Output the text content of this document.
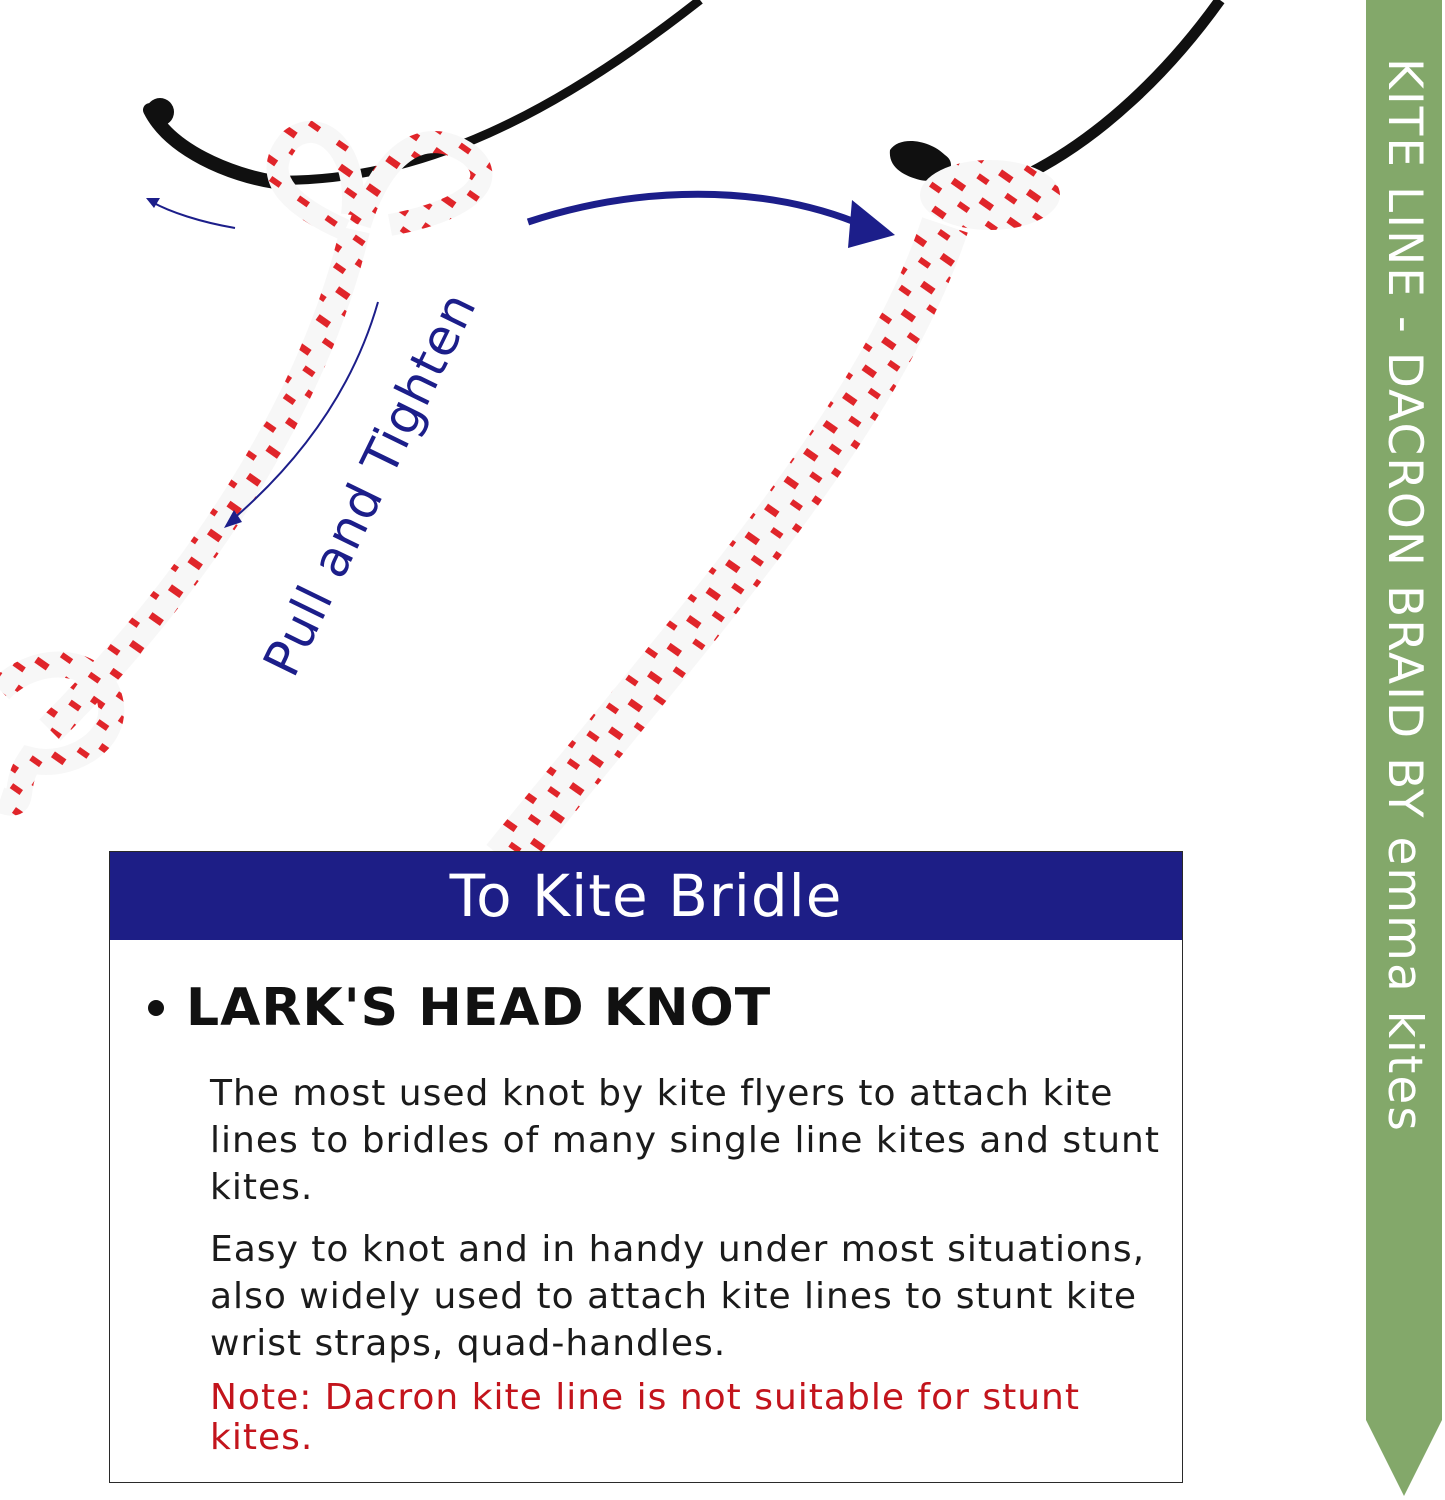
Pull and Tighten
To Kite Bridle
LARK'S HEAD KNOT

The most used knot by kite flyers to attach kite lines to bridles of many single line kites and stunt kites.

Easy to knot and in handy under most situations, also widely used to attach kite lines to stunt kite wrist straps, quad-handles.

Note: Dacron kite line is not suitable for stunt kites.

KITE LINE - DACRON BRAID BY emma kites
